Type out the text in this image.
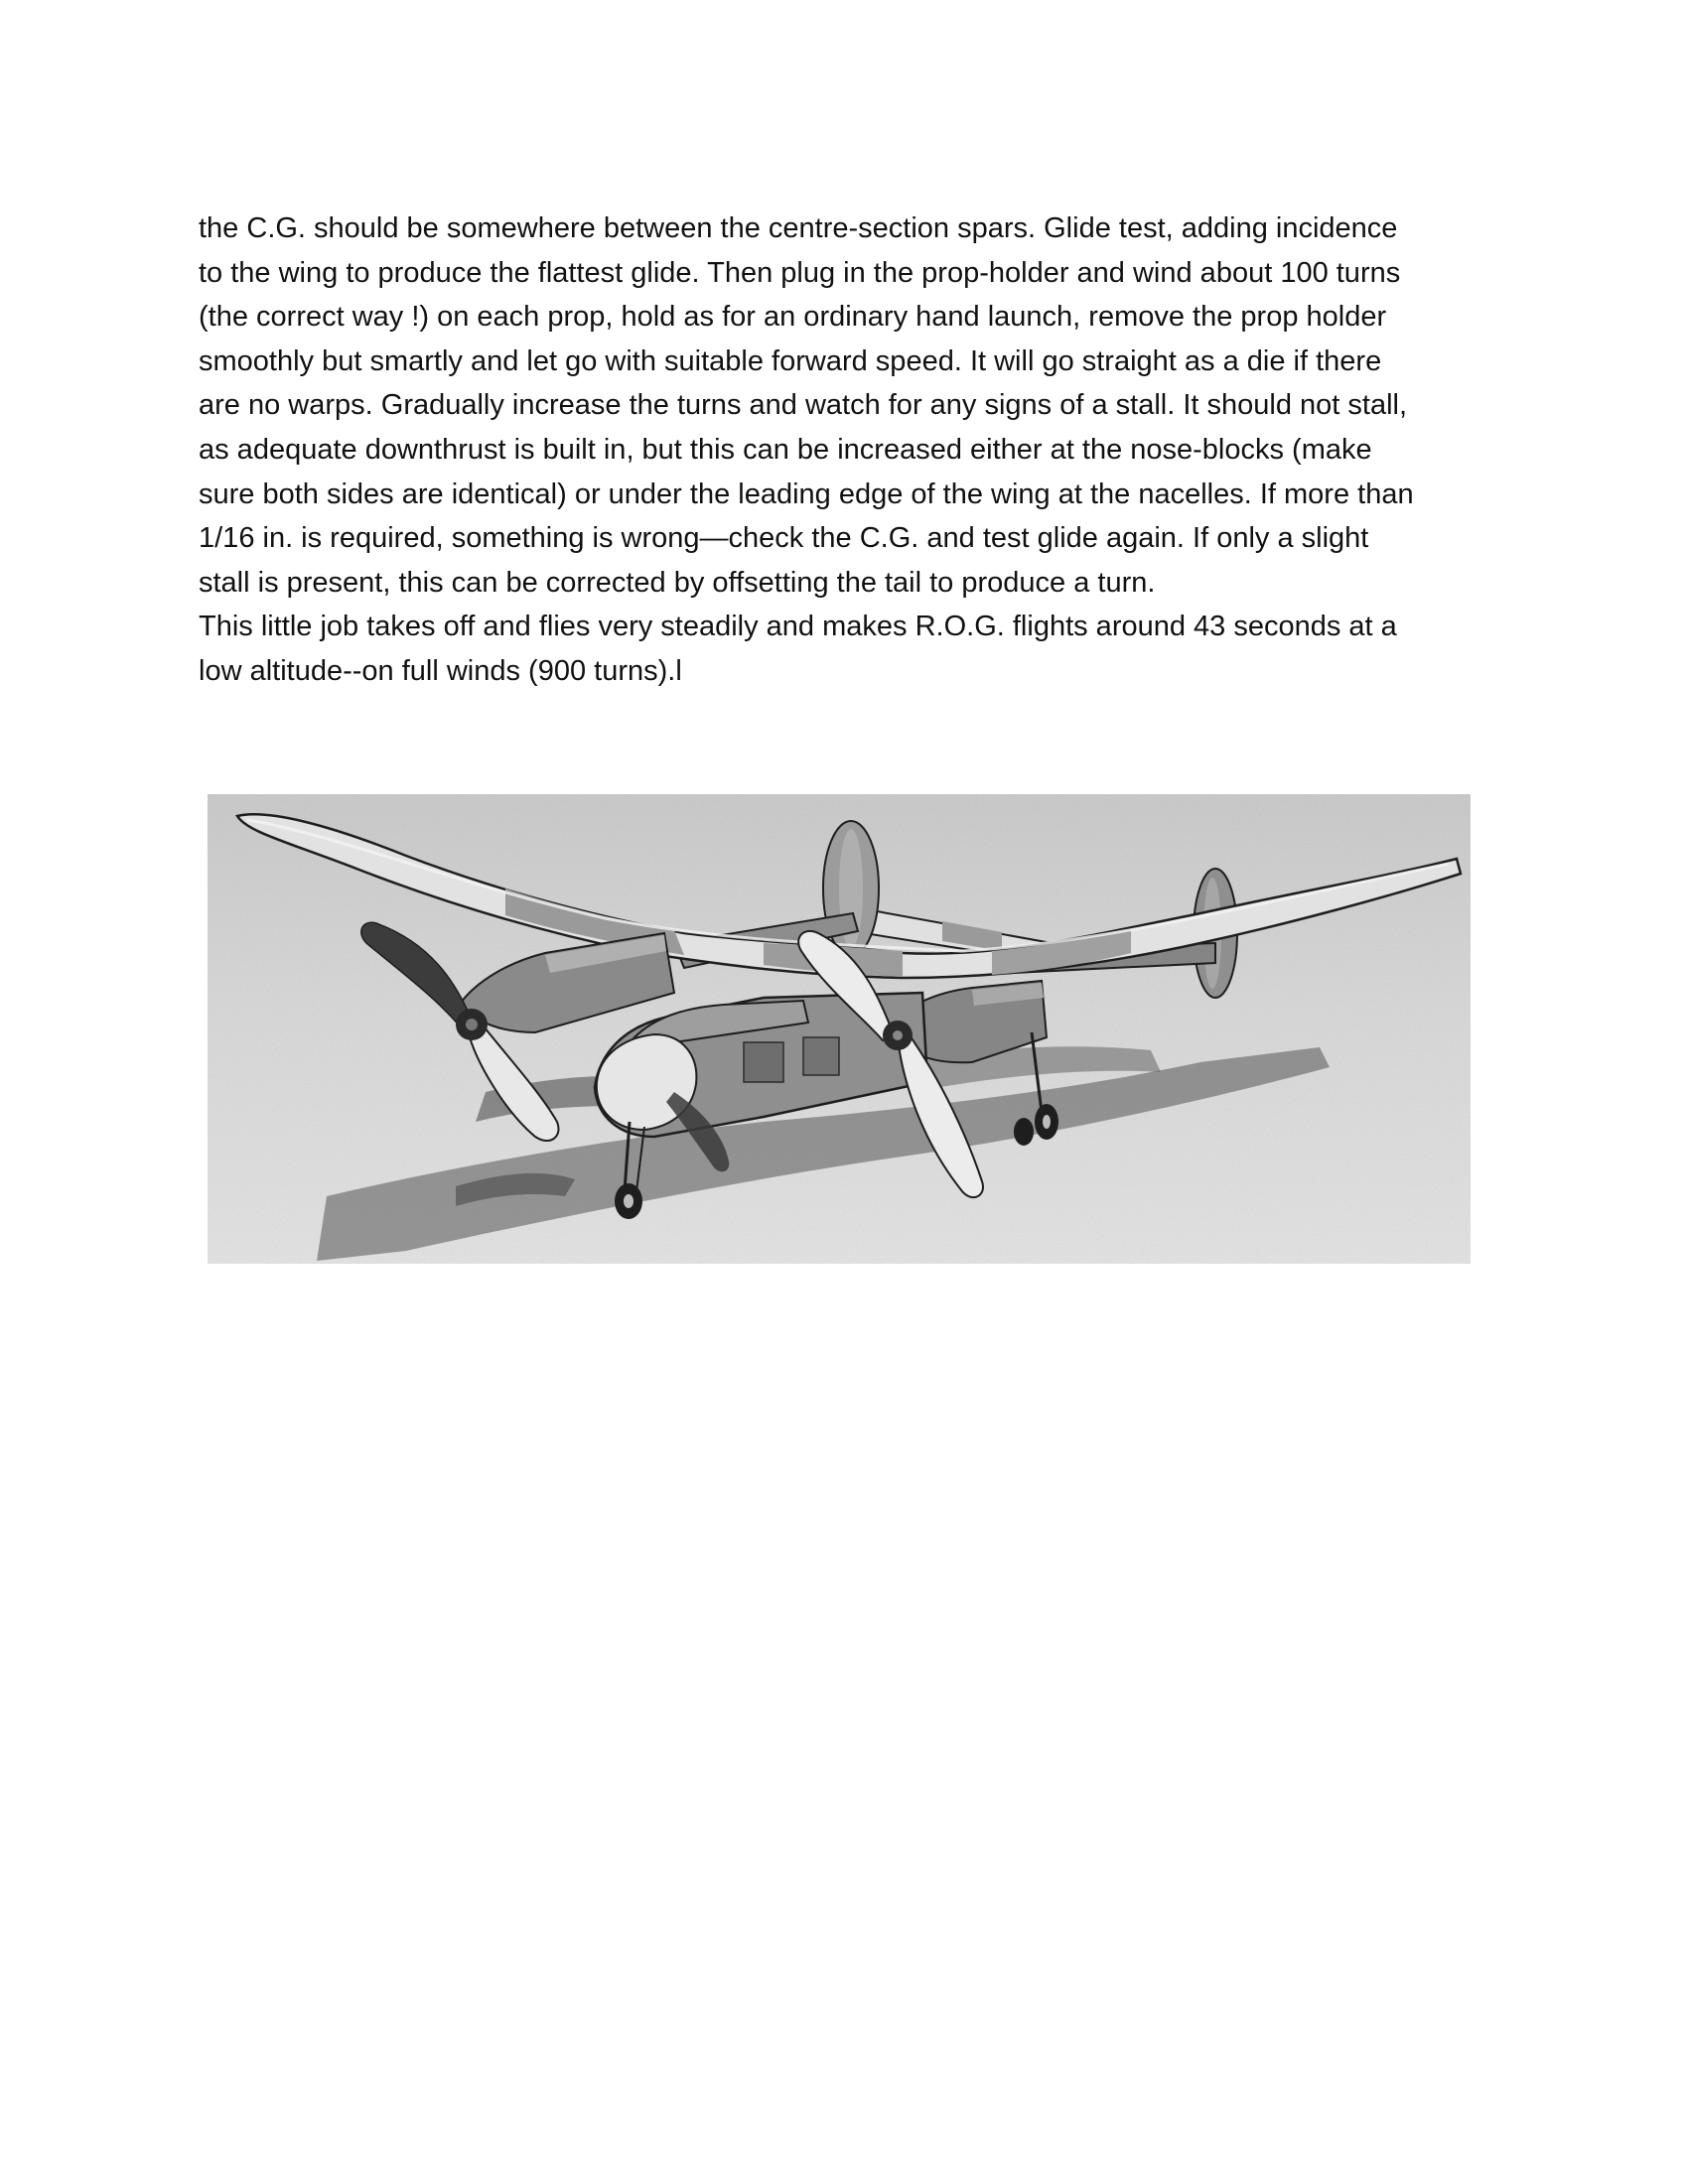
the C.G. should be somewhere between the centre-section spars. Glide test, adding incidence
to the wing to produce the flattest glide. Then plug in the prop-holder and wind about 100 turns
(the correct way !) on each prop, hold as for an ordinary hand launch, remove the prop holder
smoothly but smartly and let go with suitable forward speed. It will go straight as a die if there
are no warps. Gradually increase the turns and watch for any signs of a stall. It should not stall,
as adequate downthrust is built in, but this can be increased either at the nose-blocks (make
sure both sides are identical) or under the leading edge of the wing at the nacelles. If more than
1/16 in. is required, something is wrong—check the C.G. and test glide again. If only a slight
stall is present, this can be corrected by offsetting the tail to produce a turn.
This little job takes off and flies very steadily and makes R.O.G. flights around 43 seconds at a
low altitude--on full winds (900 turns).l
